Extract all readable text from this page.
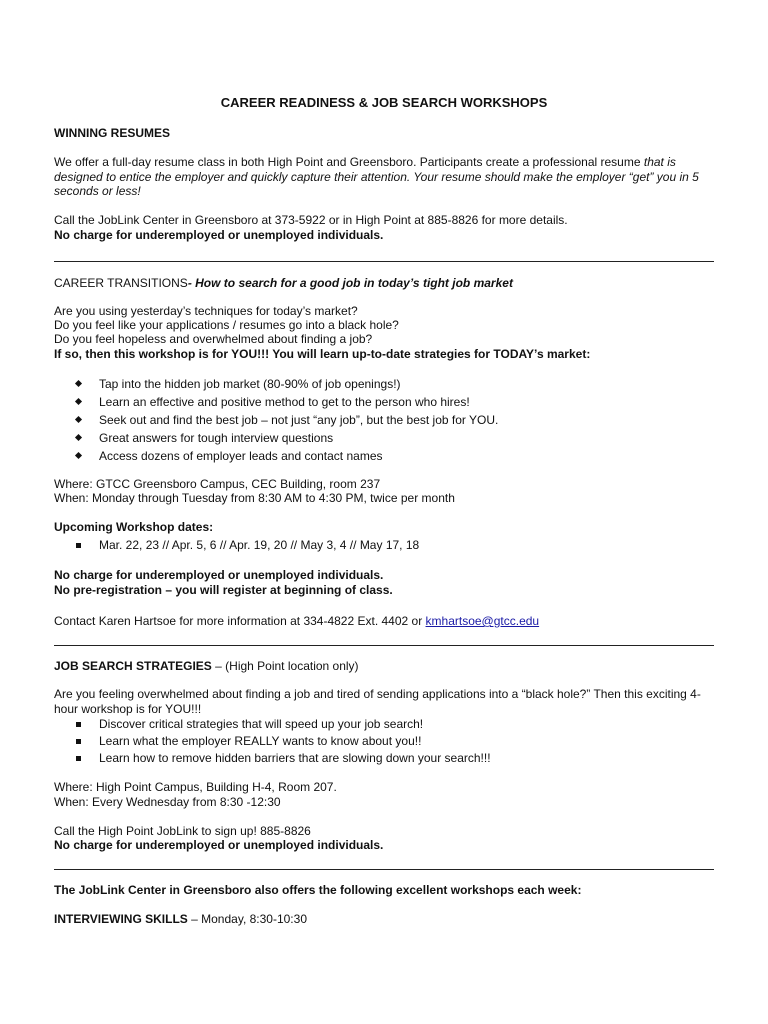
CAREER READINESS & JOB SEARCH WORKSHOPS

WINNING RESUMES

We offer a full-day resume class in both High Point and Greensboro. Participants create a professional resume that is designed to entice the employer and quickly capture their attention. Your resume should make the employer “get” you in 5 seconds or less!

Call the JobLink Center in Greensboro at 373-5922 or in High Point at 885-8826 for more details.

No charge for underemployed or unemployed individuals.

CAREER TRANSITIONS- How to search for a good job in today’s tight job market

Are you using yesterday’s techniques for today’s market?

Do you feel like your applications / resumes go into a black hole?

Do you feel hopeless and overwhelmed about finding a job?

If so, then this workshop is for YOU!!! You will learn up-to-date strategies for TODAY’s market:

Tap into the hidden job market (80-90% of job openings!)
Learn an effective and positive method to get to the person who hires!
Seek out and find the best job – not just “any job”, but the best job for YOU.
Great answers for tough interview questions
Access dozens of employer leads and contact names

Where: GTCC Greensboro Campus, CEC Building, room 237

When: Monday through Tuesday from 8:30 AM to 4:30 PM, twice per month

Upcoming Workshop dates:

Mar. 22, 23 // Apr. 5, 6 // Apr. 19, 20 // May 3, 4 // May 17, 18

No charge for underemployed or unemployed individuals.

No pre-registration – you will register at beginning of class.

Contact Karen Hartsoe for more information at 334-4822 Ext. 4402 or kmhartsoe@gtcc.edu

JOB SEARCH STRATEGIES – (High Point location only)

Are you feeling overwhelmed about finding a job and tired of sending applications into a “black hole?” Then this exciting 4-hour workshop is for YOU!!!

Discover critical strategies that will speed up your job search!
Learn what the employer REALLY wants to know about you!!
Learn how to remove hidden barriers that are slowing down your search!!!

Where: High Point Campus, Building H-4, Room 207.

When: Every Wednesday from 8:30 -12:30

Call the High Point JobLink to sign up! 885-8826

No charge for underemployed or unemployed individuals.

The JobLink Center in Greensboro also offers the following excellent workshops each week:

INTERVIEWING SKILLS – Monday, 8:30-10:30
